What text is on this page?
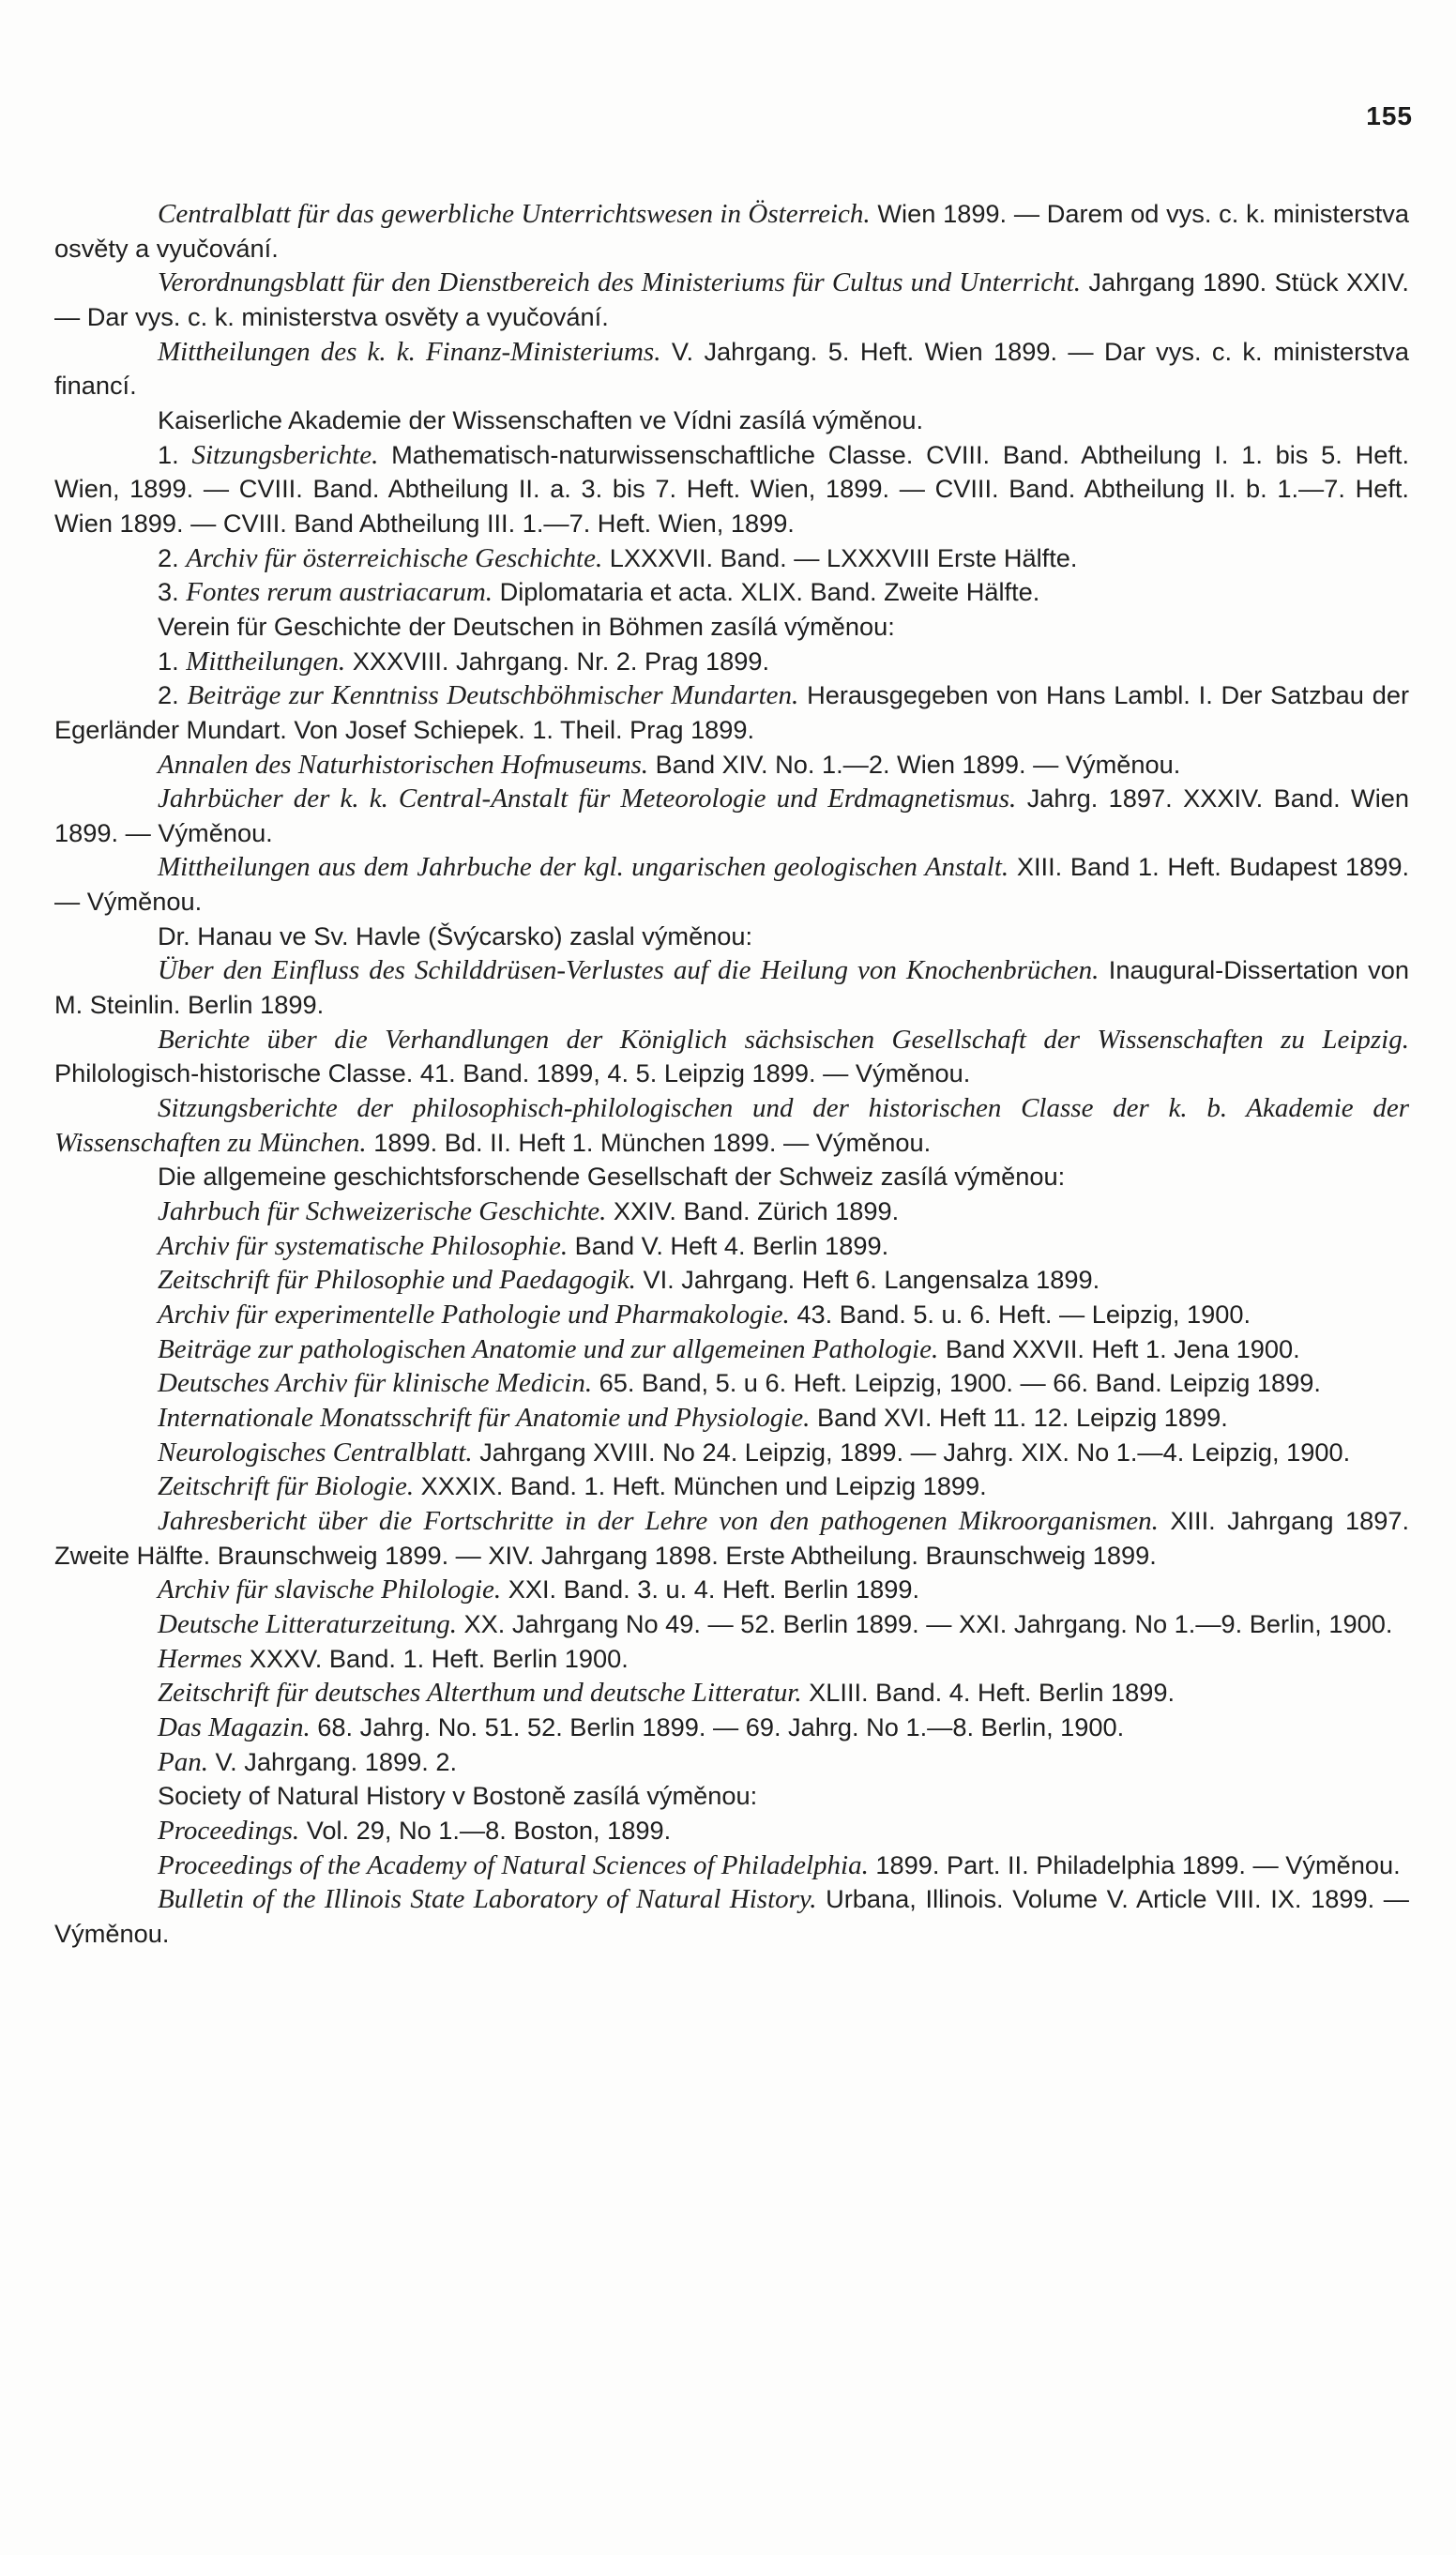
155

Centralblatt für das gewerbliche Unterrichtswesen in Österreich. Wien 1899. — Darem od vys. c. k. ministerstva osvěty a vyučování.

Verordnungsblatt für den Dienstbereich des Ministeriums für Cultus und Unterricht. Jahrgang 1890. Stück XXIV. — Dar vys. c. k. ministerstva osvěty a vyučování.

Mittheilungen des k. k. Finanz-Ministeriums. V. Jahrgang. 5. Heft. Wien 1899. — Dar vys. c. k. ministerstva financí.

Kaiserliche Akademie der Wissenschaften ve Vídni zasílá výměnou.

1. Sitzungsberichte. Mathematisch-naturwissenschaftliche Classe. CVIII. Band. Abtheilung I. 1. bis 5. Heft. Wien, 1899. — CVIII. Band. Abtheilung II. a. 3. bis 7. Heft. Wien, 1899. — CVIII. Band. Abtheilung II. b. 1.—7. Heft. Wien 1899. — CVIII. Band Abtheilung III. 1.—7. Heft. Wien, 1899.

2. Archiv für österreichische Geschichte. LXXXVII. Band. — LXXXVIII Erste Hälfte.

3. Fontes rerum austriacarum. Diplomataria et acta. XLIX. Band. Zweite Hälfte.

Verein für Geschichte der Deutschen in Böhmen zasílá výměnou:

1. Mittheilungen. XXXVIII. Jahrgang. Nr. 2. Prag 1899.

2. Beiträge zur Kenntniss Deutschböhmischer Mundarten. Herausgegeben von Hans Lambl. I. Der Satzbau der Egerländer Mundart. Von Josef Schiepek. 1. Theil. Prag 1899.

Annalen des Naturhistorischen Hofmuseums. Band XIV. No. 1.—2. Wien 1899. — Výměnou.

Jahrbücher der k. k. Central-Anstalt für Meteorologie und Erdmagnetismus. Jahrg. 1897. XXXIV. Band. Wien 1899. — Výměnou.

Mittheilungen aus dem Jahrbuche der kgl. ungarischen geologischen Anstalt. XIII. Band 1. Heft. Budapest 1899. — Výměnou.

Dr. Hanau ve Sv. Havle (Švýcarsko) zaslal výměnou:

Über den Einfluss des Schilddrüsen-Verlustes auf die Heilung von Knochenbrüchen. Inaugural-Dissertation von M. Steinlin. Berlin 1899.

Berichte über die Verhandlungen der Königlich sächsischen Gesellschaft der Wissenschaften zu Leipzig. Philologisch-historische Classe. 41. Band. 1899, 4. 5. Leipzig 1899. — Výměnou.

Sitzungsberichte der philosophisch-philologischen und der historischen Classe der k. b. Akademie der Wissenschaften zu München. 1899. Bd. II. Heft 1. München 1899. — Výměnou.

Die allgemeine geschichtsforschende Gesellschaft der Schweiz zasílá výměnou:

Jahrbuch für Schweizerische Geschichte. XXIV. Band. Zürich 1899.

Archiv für systematische Philosophie. Band V. Heft 4. Berlin 1899.

Zeitschrift für Philosophie und Paedagogik. VI. Jahrgang. Heft 6. Langensalza 1899.

Archiv für experimentelle Pathologie und Pharmakologie. 43. Band. 5. u. 6. Heft. — Leipzig, 1900.

Beiträge zur pathologischen Anatomie und zur allgemeinen Pathologie. Band XXVII. Heft 1. Jena 1900.

Deutsches Archiv für klinische Medicin. 65. Band, 5. u 6. Heft. Leipzig, 1900. — 66. Band. Leipzig 1899.

Internationale Monatsschrift für Anatomie und Physiologie. Band XVI. Heft 11. 12. Leipzig 1899.

Neurologisches Centralblatt. Jahrgang XVIII. No 24. Leipzig, 1899. — Jahrg. XIX. No 1.—4. Leipzig, 1900.

Zeitschrift für Biologie. XXXIX. Band. 1. Heft. München und Leipzig 1899.

Jahresbericht über die Fortschritte in der Lehre von den pathogenen Mikroorganismen. XIII. Jahrgang 1897. Zweite Hälfte. Braunschweig 1899. — XIV. Jahrgang 1898. Erste Abtheilung. Braunschweig 1899.

Archiv für slavische Philologie. XXI. Band. 3. u. 4. Heft. Berlin 1899.

Deutsche Litteraturzeitung. XX. Jahrgang No 49. — 52. Berlin 1899. — XXI. Jahrgang. No 1.—9. Berlin, 1900.

Hermes XXXV. Band. 1. Heft. Berlin 1900.

Zeitschrift für deutsches Alterthum und deutsche Litteratur. XLIII. Band. 4. Heft. Berlin 1899.

Das Magazin. 68. Jahrg. No. 51. 52. Berlin 1899. — 69. Jahrg. No 1.—8. Berlin, 1900.

Pan. V. Jahrgang. 1899. 2.

Society of Natural History v Bostoně zasílá výměnou:

Proceedings. Vol. 29, No 1.—8. Boston, 1899.

Proceedings of the Academy of Natural Sciences of Philadelphia. 1899. Part. II. Philadelphia 1899. — Výměnou.

Bulletin of the Illinois State Laboratory of Natural History. Urbana, Illinois. Volume V. Article VIII. IX. 1899. — Výměnou.
